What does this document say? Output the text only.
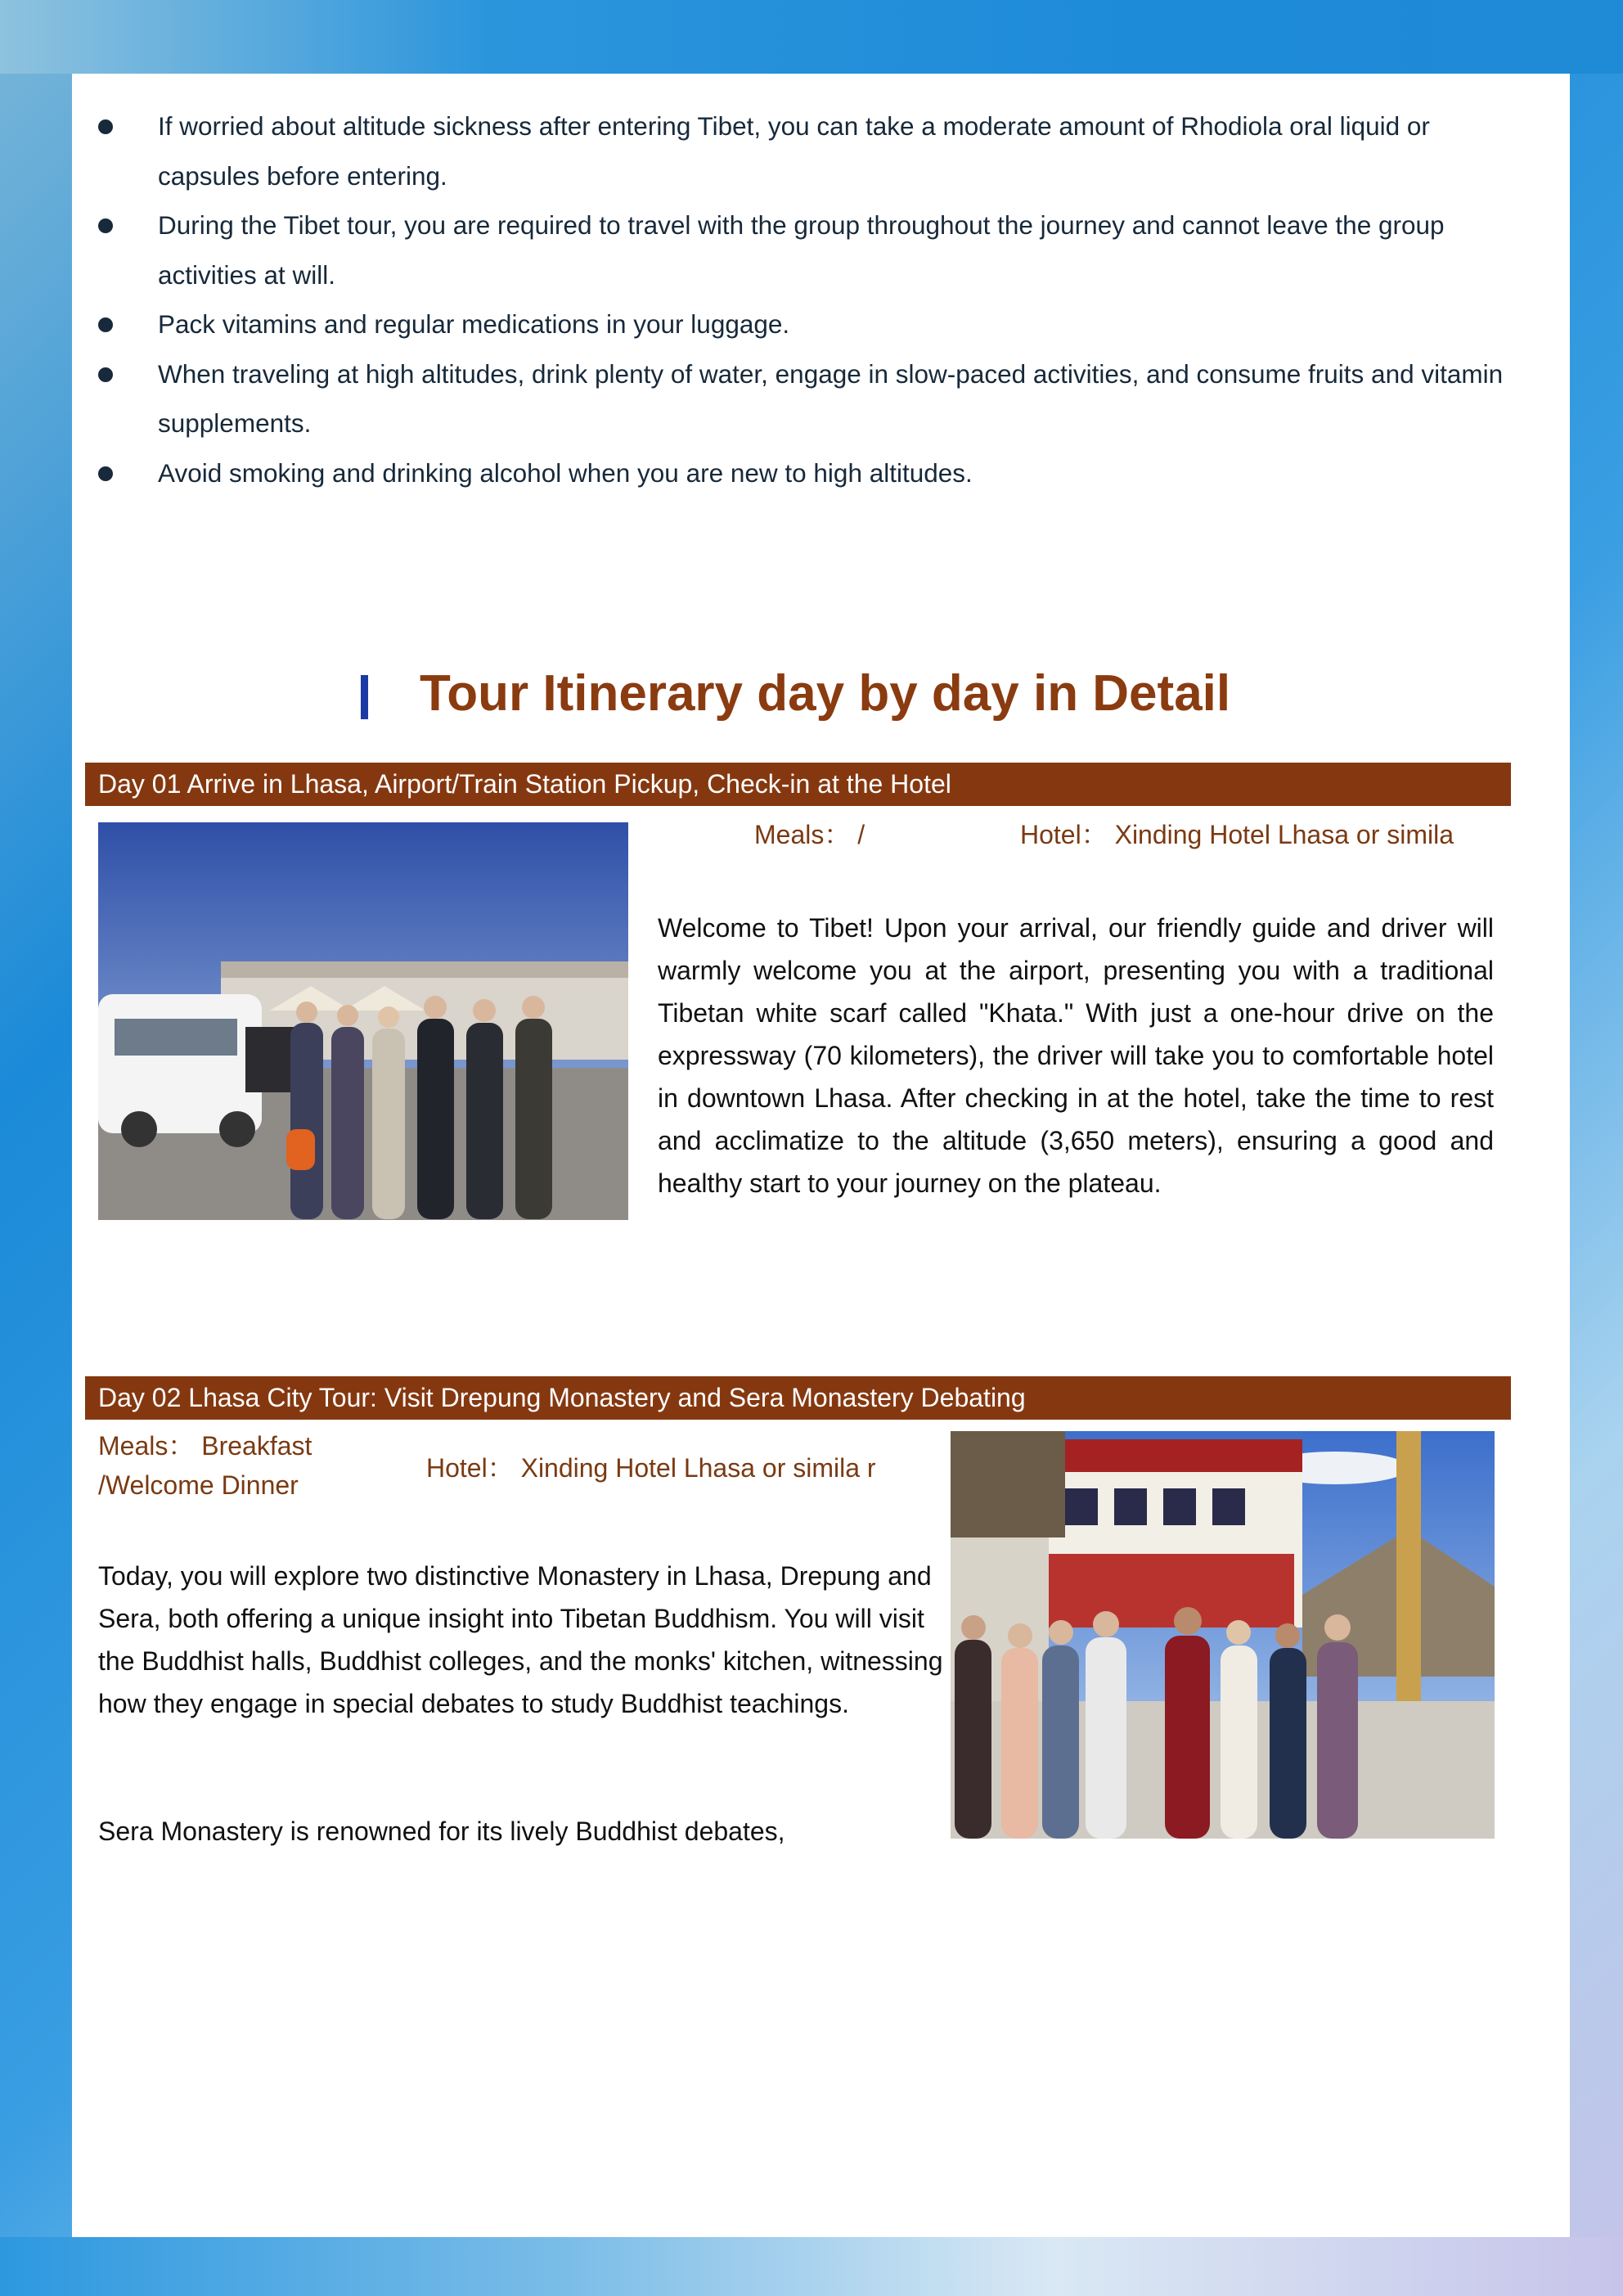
If worried about altitude sickness after entering Tibet, you can take a moderate amount of Rhodiola oral liquid or capsules before entering.
During the Tibet tour, you are required to travel with the group throughout the journey and cannot leave the group activities at will.
Pack vitamins and regular medications in your luggage.
When traveling at high altitudes, drink plenty of water, engage in slow-paced activities, and consume fruits and vitamin supplements.
Avoid smoking and drinking alcohol when you are new to high altitudes.
Tour Itinerary day by day in Detail
Day 01 Arrive in Lhasa, Airport/Train Station Pickup, Check-in at the Hotel
Meals： /	Hotel： Xinding Hotel Lhasa or simila
Welcome to Tibet! Upon your arrival, our friendly guide and driver will warmly welcome you at the airport, presenting you with a traditional Tibetan white scarf called "Khata." With just a one-hour drive on the expressway (70 kilometers), the driver will take you to comfortable hotel in downtown Lhasa. After checking in at the hotel, take the time to rest and acclimatize to the altitude (3,650 meters), ensuring a good and healthy start to your journey on the plateau.
Day 02 Lhasa City Tour: Visit Drepung Monastery and Sera Monastery Debating
Meals： Breakfast
/Welcome Dinner
Hotel： Xinding Hotel Lhasa or simila r
Today, you will explore two distinctive Monastery in Lhasa, Drepung and Sera, both offering a unique insight into Tibetan Buddhism. You will visit the Buddhist halls, Buddhist colleges, and the monks' kitchen, witnessing how they engage in special debates to study Buddhist teachings.
Sera Monastery is renowned for its lively Buddhist debates,
